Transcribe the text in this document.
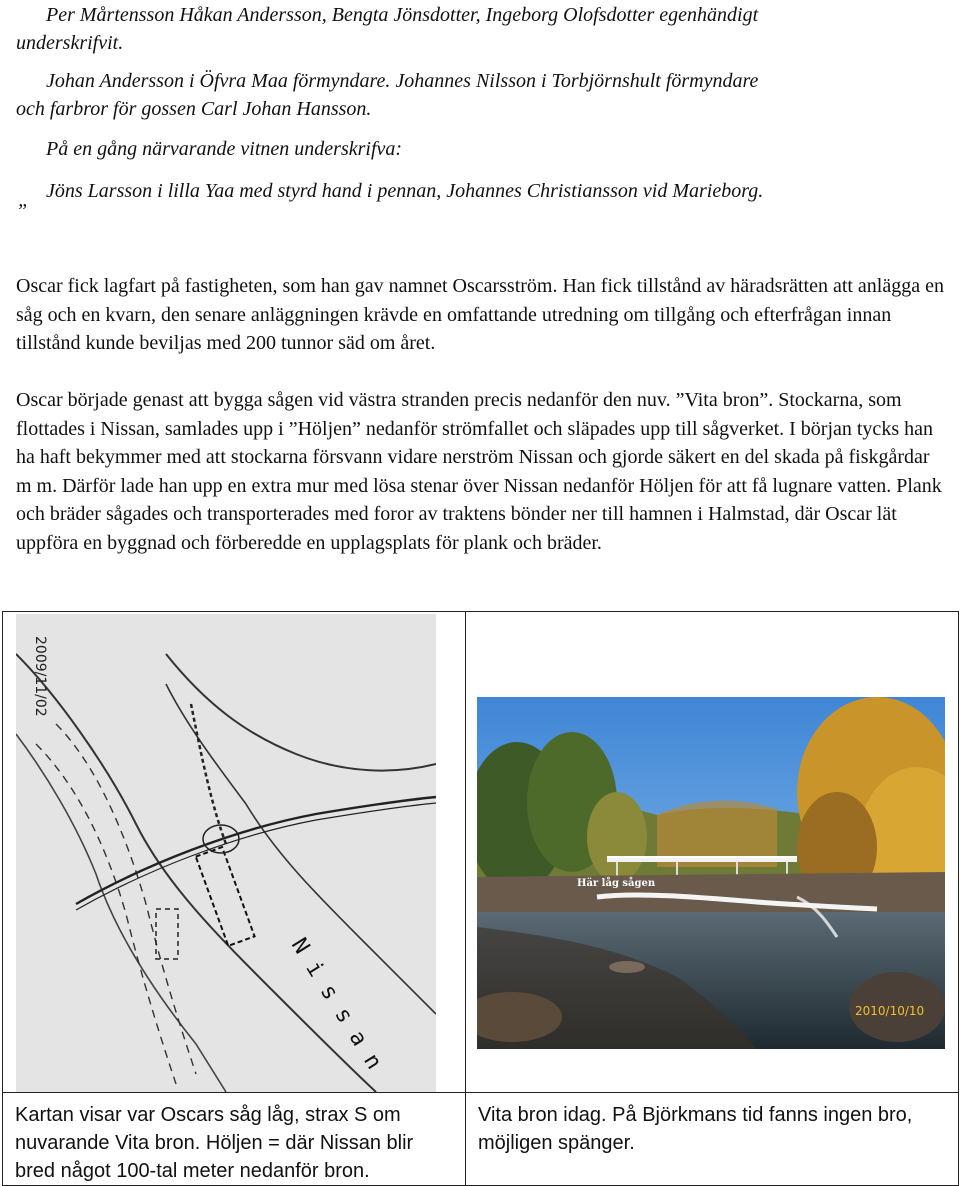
Per Mårtensson Håkan Andersson, Bengta Jönsdotter, Ingeborg Olofsdotter egenhändigt
underskrifvit.
Johan Andersson i Öfvra Maa förmyndare. Johannes Nilsson i Torbjörnshult förmyndare
och farbror för gossen Carl Johan Hansson.
På en gång närvarande vitnen underskrifva:
Jöns Larsson i lilla Yaa med styrd hand i pennan, Johannes Christiansson vid Marieborg.
”

Oscar fick lagfart på fastigheten, som han gav namnet Oscarsström. Han fick tillstånd av häradsrätten att anlägga en såg och en kvarn, den senare anläggningen krävde en omfattande utredning om tillgång och efterfrågan innan tillstånd kunde beviljas med 200 tunnor säd om året.

Oscar började genast att bygga sågen vid västra stranden precis nedanför den nuv. ”Vita bron”. Stockarna, som flottades i Nissan, samlades upp i ”Höljen” nedanför strömfallet och släpades upp till sågverket. I början tycks han ha haft bekymmer med att stockarna försvann vidare nerström Nissan och gjorde säkert en del skada på fiskgårdar m m. Därför lade han upp en extra mur med lösa stenar över Nissan nedanför Höljen för att få lugnare vatten. Plank och bräder sågades och transporterades med foror av traktens bönder ner till hamnen i Halmstad, där Oscar lät uppföra en byggnad och förberedde en upplagsplats för plank och bräder.

2009/11/02
Nissan	Här låg sågen
2010/10/10

Kartan visar var Oscars såg låg, strax S om nuvarande Vita bron. Höljen = där Nissan blir bred något 100-tal meter nedanför bron.	Vita bron idag. På Björkmans tid fanns ingen bro, möjligen spänger.
